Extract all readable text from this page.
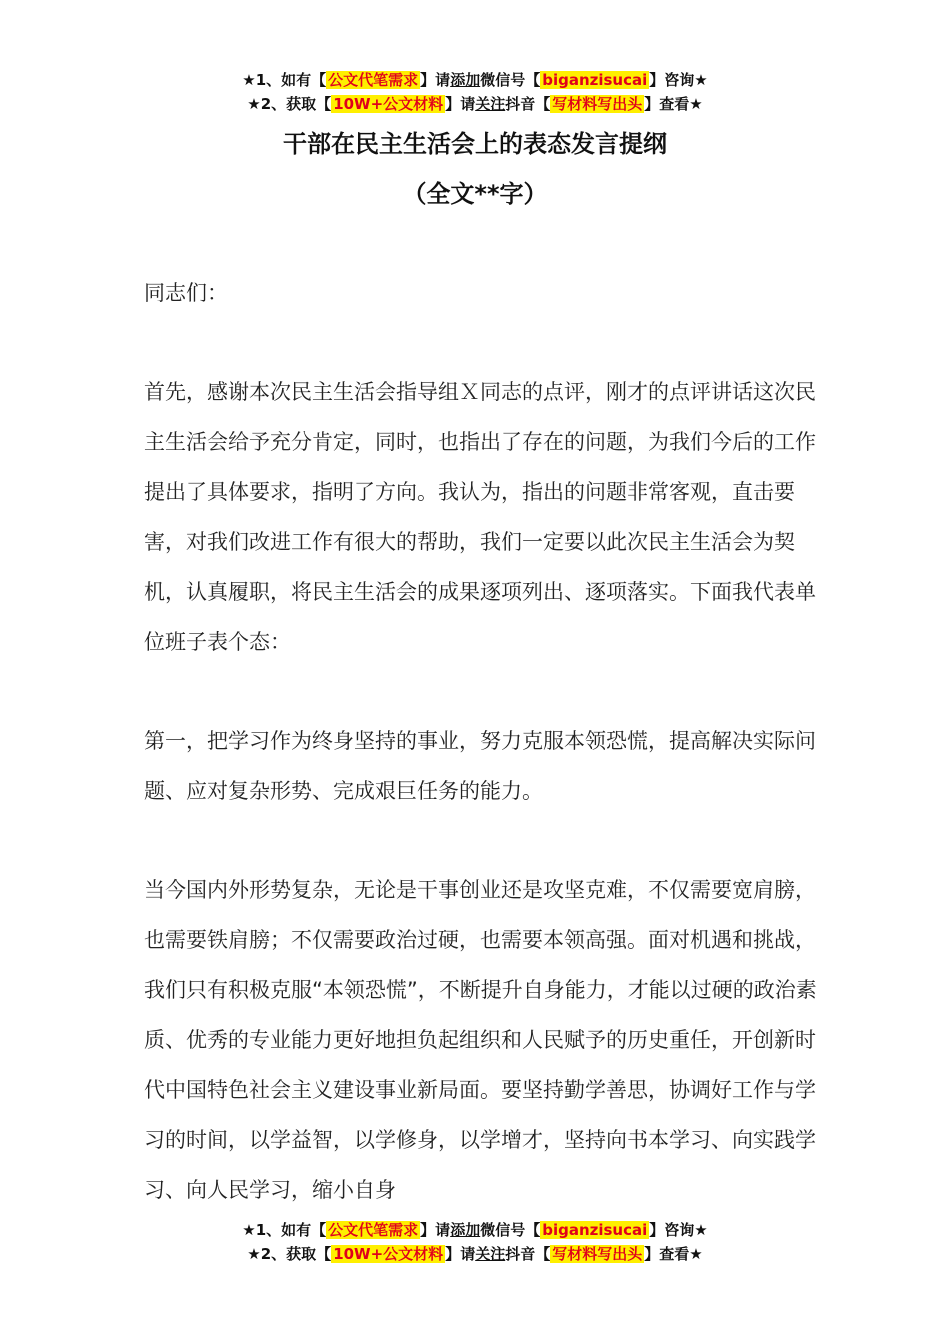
★1、如有【 公文代笔需求 】请添加微信号【 biganzisucai 】咨询★
★2、获取【 10W+公文材料 】请关注抖音【 写材料写出头 】查看★
干部在民主生活会上的表态发言提纲
（全文**字）

同志们：

首先，感谢本次民主生活会指导组Ｘ同志的点评，刚才的点评讲话这次民主生活会给予充分肯定，同时，也指出了存在的问题，为我们今后的工作提出了具体要求，指明了方向。我认为，指出的问题非常客观，直击要害，对我们改进工作有很大的帮助，我们一定要以此次民主生活会为契机，认真履职，将民主生活会的成果逐项列出、逐项落实。下面我代表单位班子表个态：

第一，把学习作为终身坚持的事业，努力克服本领恐慌，提高解决实际问题、应对复杂形势、完成艰巨任务的能力。

当今国内外形势复杂，无论是干事创业还是攻坚克难，不仅需要宽肩膀，也需要铁肩膀；不仅需要政治过硬，也需要本领高强。面对机遇和挑战，我们只有积极克服“本领恐慌”，不断提升自身能力，才能以过硬的政治素质、优秀的专业能力更好地担负起组织和人民赋予的历史重任，开创新时代中国特色社会主义建设事业新局面。要坚持勤学善思，协调好工作与学习的时间，以学益智，以学修身，以学增才，坚持向书本学习、向实践学习、向人民学习，缩小自身

★1、如有【 公文代笔需求 】请添加微信号【 biganzisucai 】咨询★
★2、获取【 10W+公文材料 】请关注抖音【 写材料写出头 】查看★
